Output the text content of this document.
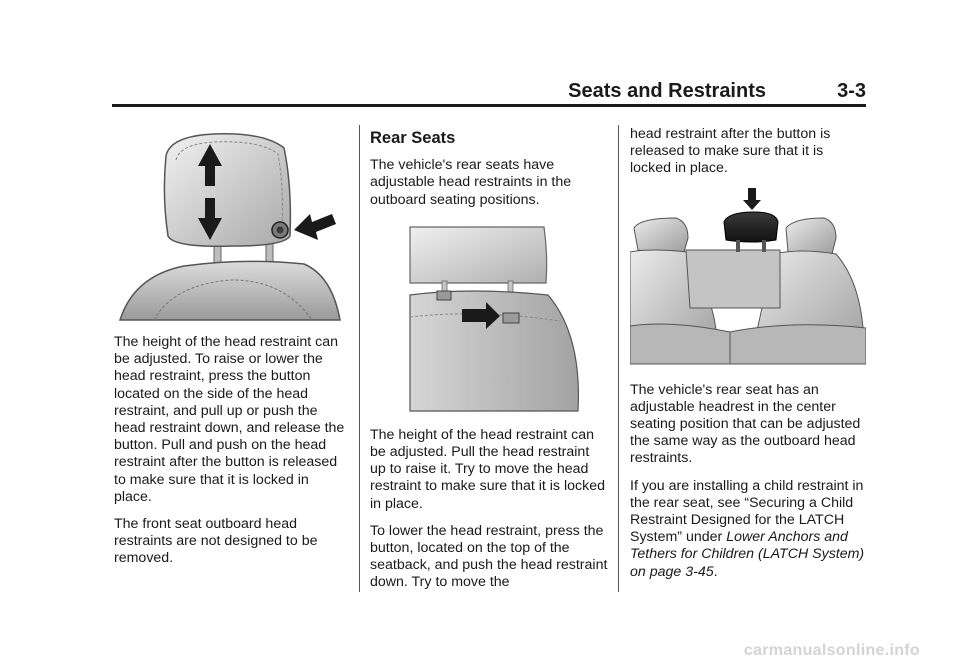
Seats and Restraints	3-3

The height of the head restraint can be adjusted. To raise or lower the head restraint, press the button located on the side of the head restraint, and pull up or push the head restraint down, and release the button. Pull and push on the head restraint after the button is released to make sure that it is locked in place.

The front seat outboard head restraints are not designed to be removed.

Rear Seats

The vehicle's rear seats have adjustable head restraints in the outboard seating positions.

The height of the head restraint can be adjusted. Pull the head restraint up to raise it. Try to move the head restraint to make sure that it is locked in place.

To lower the head restraint, press the button, located on the top of the seatback, and push the head restraint down. Try to move the

head restraint after the button is released to make sure that it is locked in place.

The vehicle's rear seat has an adjustable headrest in the center seating position that can be adjusted the same way as the outboard head restraints.

If you are installing a child restraint in the rear seat, see “Securing a Child Restraint Designed for the LATCH System” under Lower Anchors and Tethers for Children (LATCH System) on page 3-45.

carmanualsonline.info
